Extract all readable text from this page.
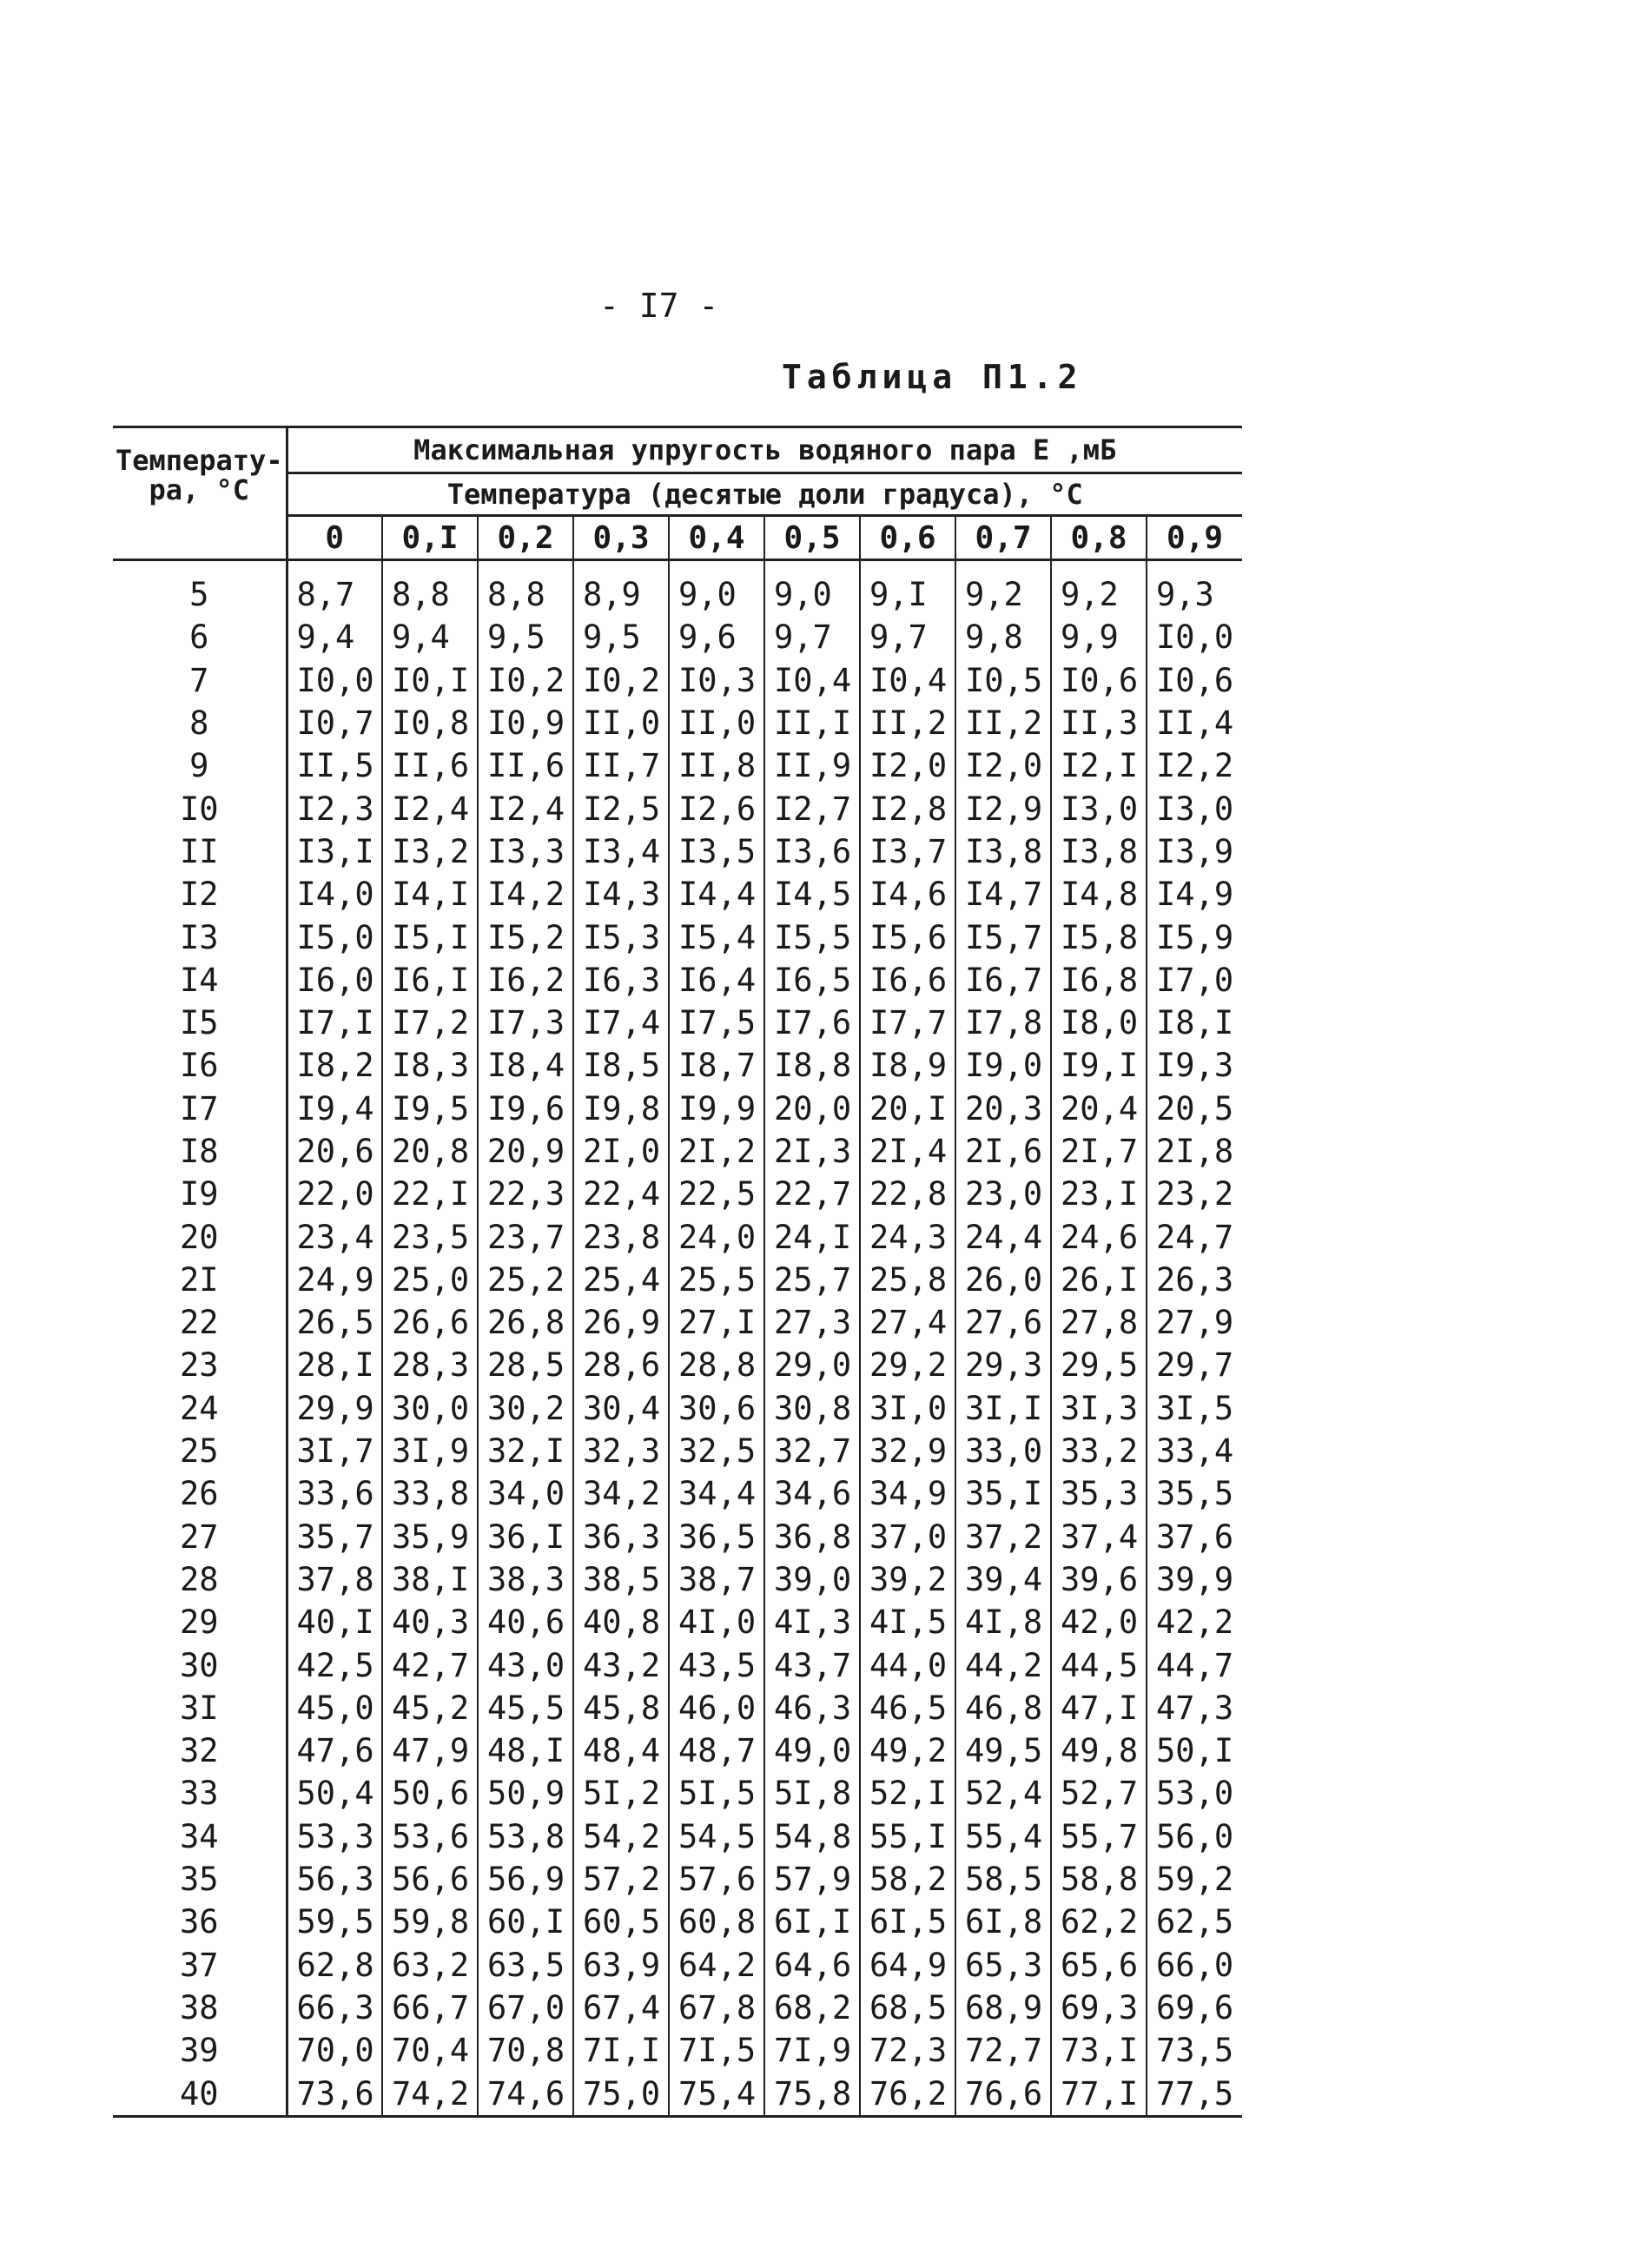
- I7 -
Таблица П1.2
Температу- ра, °С	Максимальная упругость водяного пара E ,мБ									
	Температура (десятые доли градуса), °С									
	0	0,I	0,2	0,3	0,4	0,5	0,6	0,7	0,8	0,9
5	8,7	8,8	8,8	8,9	9,0	9,0	9,I	9,2	9,2	9,3
6	9,4	9,4	9,5	9,5	9,6	9,7	9,7	9,8	9,9	I0,0
7	I0,0	I0,I	I0,2	I0,2	I0,3	I0,4	I0,4	I0,5	I0,6	I0,6
8	I0,7	I0,8	I0,9	II,0	II,0	II,I	II,2	II,2	II,3	II,4
9	II,5	II,6	II,6	II,7	II,8	II,9	I2,0	I2,0	I2,I	I2,2
I0	I2,3	I2,4	I2,4	I2,5	I2,6	I2,7	I2,8	I2,9	I3,0	I3,0
II	I3,I	I3,2	I3,3	I3,4	I3,5	I3,6	I3,7	I3,8	I3,8	I3,9
I2	I4,0	I4,I	I4,2	I4,3	I4,4	I4,5	I4,6	I4,7	I4,8	I4,9
I3	I5,0	I5,I	I5,2	I5,3	I5,4	I5,5	I5,6	I5,7	I5,8	I5,9
I4	I6,0	I6,I	I6,2	I6,3	I6,4	I6,5	I6,6	I6,7	I6,8	I7,0
I5	I7,I	I7,2	I7,3	I7,4	I7,5	I7,6	I7,7	I7,8	I8,0	I8,I
I6	I8,2	I8,3	I8,4	I8,5	I8,7	I8,8	I8,9	I9,0	I9,I	I9,3
I7	I9,4	I9,5	I9,6	I9,8	I9,9	20,0	20,I	20,3	20,4	20,5
I8	20,6	20,8	20,9	2I,0	2I,2	2I,3	2I,4	2I,6	2I,7	2I,8
I9	22,0	22,I	22,3	22,4	22,5	22,7	22,8	23,0	23,I	23,2
20	23,4	23,5	23,7	23,8	24,0	24,I	24,3	24,4	24,6	24,7
2I	24,9	25,0	25,2	25,4	25,5	25,7	25,8	26,0	26,I	26,3
22	26,5	26,6	26,8	26,9	27,I	27,3	27,4	27,6	27,8	27,9
23	28,I	28,3	28,5	28,6	28,8	29,0	29,2	29,3	29,5	29,7
24	29,9	30,0	30,2	30,4	30,6	30,8	3I,0	3I,I	3I,3	3I,5
25	3I,7	3I,9	32,I	32,3	32,5	32,7	32,9	33,0	33,2	33,4
26	33,6	33,8	34,0	34,2	34,4	34,6	34,9	35,I	35,3	35,5
27	35,7	35,9	36,I	36,3	36,5	36,8	37,0	37,2	37,4	37,6
28	37,8	38,I	38,3	38,5	38,7	39,0	39,2	39,4	39,6	39,9
29	40,I	40,3	40,6	40,8	4I,0	4I,3	4I,5	4I,8	42,0	42,2
30	42,5	42,7	43,0	43,2	43,5	43,7	44,0	44,2	44,5	44,7
3I	45,0	45,2	45,5	45,8	46,0	46,3	46,5	46,8	47,I	47,3
32	47,6	47,9	48,I	48,4	48,7	49,0	49,2	49,5	49,8	50,I
33	50,4	50,6	50,9	5I,2	5I,5	5I,8	52,I	52,4	52,7	53,0
34	53,3	53,6	53,8	54,2	54,5	54,8	55,I	55,4	55,7	56,0
35	56,3	56,6	56,9	57,2	57,6	57,9	58,2	58,5	58,8	59,2
36	59,5	59,8	60,I	60,5	60,8	6I,I	6I,5	6I,8	62,2	62,5
37	62,8	63,2	63,5	63,9	64,2	64,6	64,9	65,3	65,6	66,0
38	66,3	66,7	67,0	67,4	67,8	68,2	68,5	68,9	69,3	69,6
39	70,0	70,4	70,8	7I,I	7I,5	7I,9	72,3	72,7	73,I	73,5
40	73,6	74,2	74,6	75,0	75,4	75,8	76,2	76,6	77,I	77,5
